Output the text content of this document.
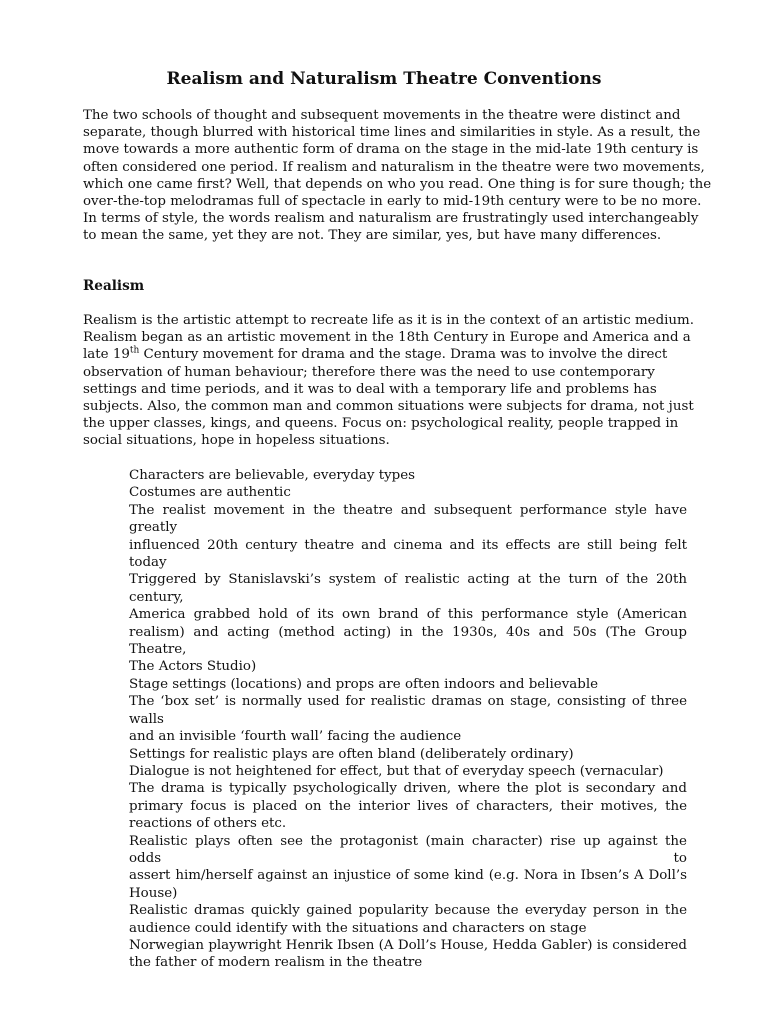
Realism and Naturalism Theatre Conventions
The two schools of thought and subsequent movements in the theatre were distinct and
separate, though blurred with historical time lines and similarities in style. As a result, the
move towards a more authentic form of drama on the stage in the mid-late 19th century is
often considered one period. If realism and naturalism in the theatre were two movements,
which one came first? Well, that depends on who you read. One thing is for sure though; the
over-the-top melodramas full of spectacle in early to mid-19th century were to be no more.
In terms of style, the words realism and naturalism are frustratingly used interchangeably
to mean the same, yet they are not. They are similar, yes, but have many differences.
Realism
Realism is the artistic attempt to recreate life as it is in the context of an artistic medium.
Realism began as an artistic movement in the 18th Century in Europe and America and a
late 19th Century movement for drama and the stage. Drama was to involve the direct
observation of human behaviour; therefore there was the need to use contemporary
settings and time periods, and it was to deal with a temporary life and problems has
subjects. Also, the common man and common situations were subjects for drama, not just
the upper classes, kings, and queens. Focus on: psychological reality, people trapped in
social situations, hope in hopeless situations.
Characters are believable, everyday types
Costumes are authentic
The realist movement in the theatre and subsequent performance style have greatly
influenced 20th century theatre and cinema and its effects are still being felt today
Triggered by Stanislavski’s system of realistic acting at the turn of the 20th century,
America grabbed hold of its own brand of this performance style (American
realism) and acting (method acting) in the 1930s, 40s and 50s (The Group Theatre,
The Actors Studio)
Stage settings (locations) and props are often indoors and believable
The ‘box set’ is normally used for realistic dramas on stage, consisting of three walls
and an invisible ‘fourth wall’ facing the audience
Settings for realistic plays are often bland (deliberately ordinary)
Dialogue is not heightened for effect, but that of everyday speech (vernacular)
The drama is typically psychologically driven, where the plot is secondary and
primary focus is placed on the interior lives of characters, their motives, the
reactions of others etc.
Realistic plays often see the protagonist (main character) rise up against the odds to
assert him/herself against an injustice of some kind (e.g. Nora in Ibsen’s A Doll’s
House)
Realistic dramas quickly gained popularity because the everyday person in the
audience could identify with the situations and characters on stage
Norwegian playwright Henrik Ibsen (A Doll’s House, Hedda Gabler) is considered
the father of modern realism in the theatre
